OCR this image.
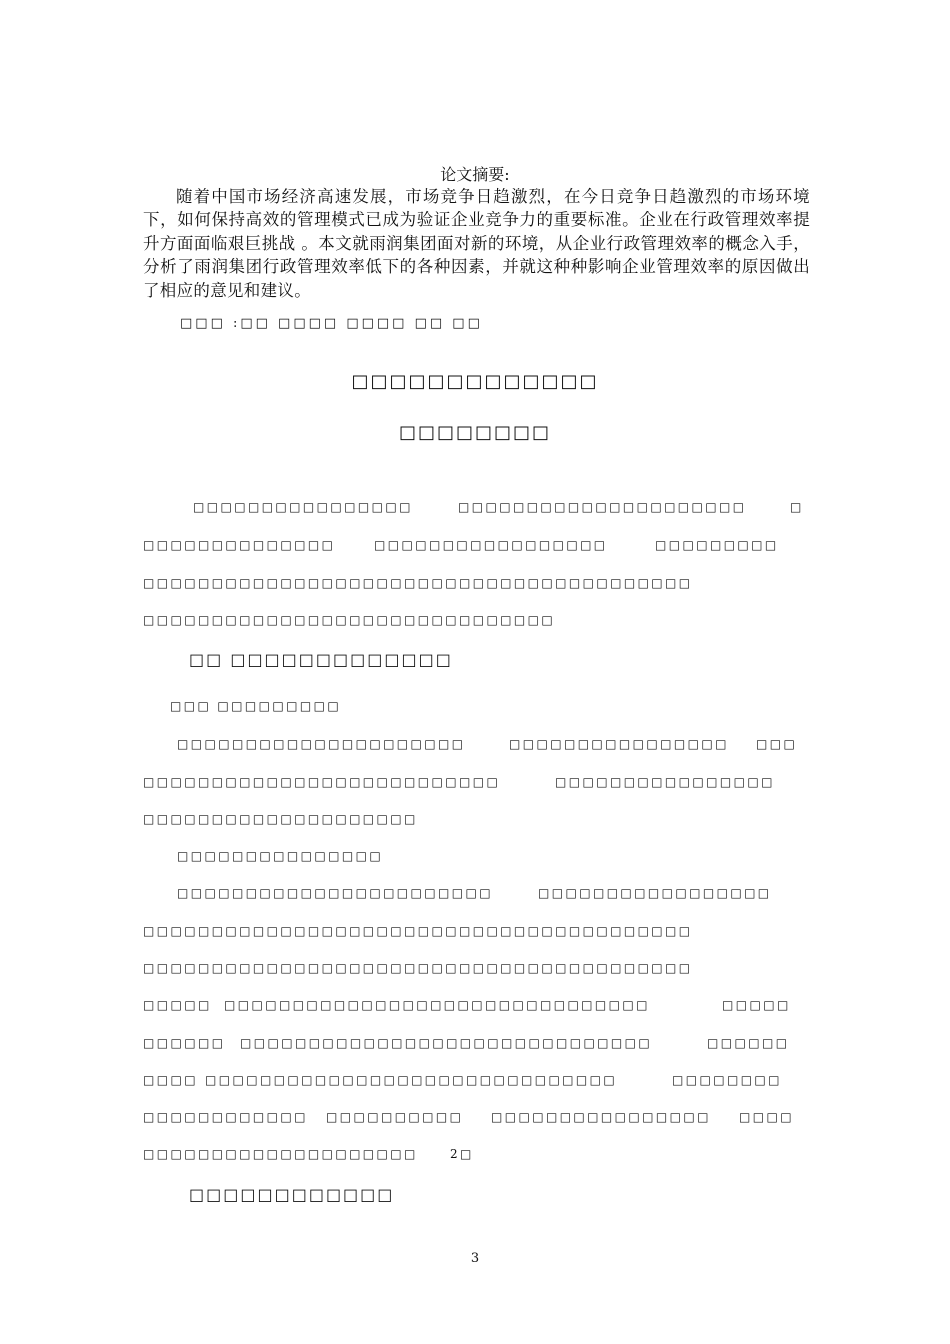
论文摘要:
随着中国市场经济高速发展，市场竞争日趋激烈，在今日竞争日趋激烈的市场环境下，如何保持高效的管理模式已成为验证企业竞争力的重要标准。企业在行政管理效率提升方面面临艰巨挑战 。本文就雨润集团面对新的环境，从企业行政管理效率的概念入手，分析了雨润集团行政管理效率低下的各种因素，并就这种种影响企业管理效率的原因做出了相应的意见和建议。
□□□ :□□ □□□□ □□□□ □□ □□
□□□□□□□□□□□□□
□□□□□□□□
□□□□□□□□□□□□□□□□	□□□□□□□□□□□□□□□□□□□□□	□
□□□□□□□□□□□□□□	□□□□□□□□□□□□□□□□□	□□□□□□□□□
□□□□□□□□□□□□□□□□□□□□□□□□□□□□□□□□□□□□□□□□
□□□□□□□□□□□□□□□□□□□□□□□□□□□□□□
□□□□□□□□□□□□□□□□□□□□□	□□□□□□□□□□□□□□□□ □□□
□□□□□□□□□□□□□□□□□□□□□□□□□□	□□□□□□□□□□□□□□□□
□□□□□□□□□□□□□□□□□□□□
□□□□□□□□□□□□□□□
□□□□□□□□□□□□□□□□□□□□□□□	□□□□□□□□□□□□□□□□□
□□□□□□□□□□□□□□□□□□□□□□□□□□□□□□□□□□□□□□□□
□□□□□□□□□□□□□□□□□□□□□□□□□□□□□□□□□□□□□□□□
□□□□□ □□□□□□□□□□□□□□□□□□□□□□□□□□□□□□□	□□□□□
□□□□□□ □□□□□□□□□□□□□□□□□□□□□□□□□□□□□□	□□□□□□
□□□□ □□□□□□□□□□□□□□□□□□□□□□□□□□□□□□	□□□□□□□□
□□□□□□□□□□□□ □□□□□□□□□□ □□□□□□□□□□□□□□□□ □□□□
□□□□□□□□□□□□□□□□□□□□	2□
□□ □□□□□□□□□□□□□
□□□ □□□□□□□□□
□□□□□□□□□□□□
3
